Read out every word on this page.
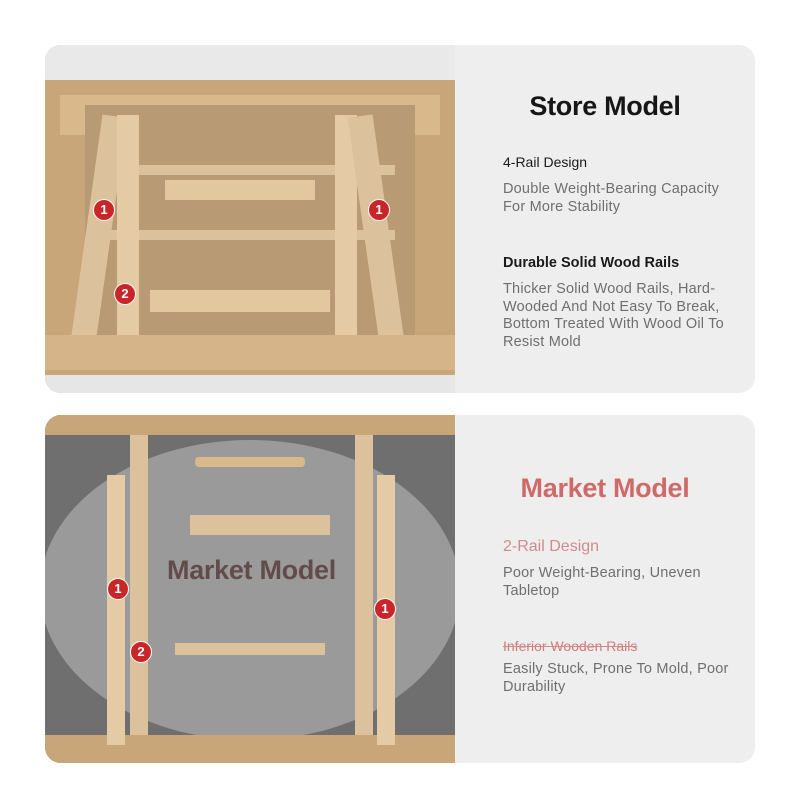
1	1
2
Store Model
4-Rail Design
Double Weight-Bearing Capacity For More Stability
Durable Solid Wood Rails
Thicker Solid Wood Rails, Hard-Wooded And Not Easy To Break, Bottom Treated With Wood Oil To Resist Mold
Market Model
1
1
2
Market Model
2-Rail Design
Poor Weight-Bearing, Uneven Tabletop
Inferior Wooden Rails
Easily Stuck, Prone To Mold, Poor Durability
